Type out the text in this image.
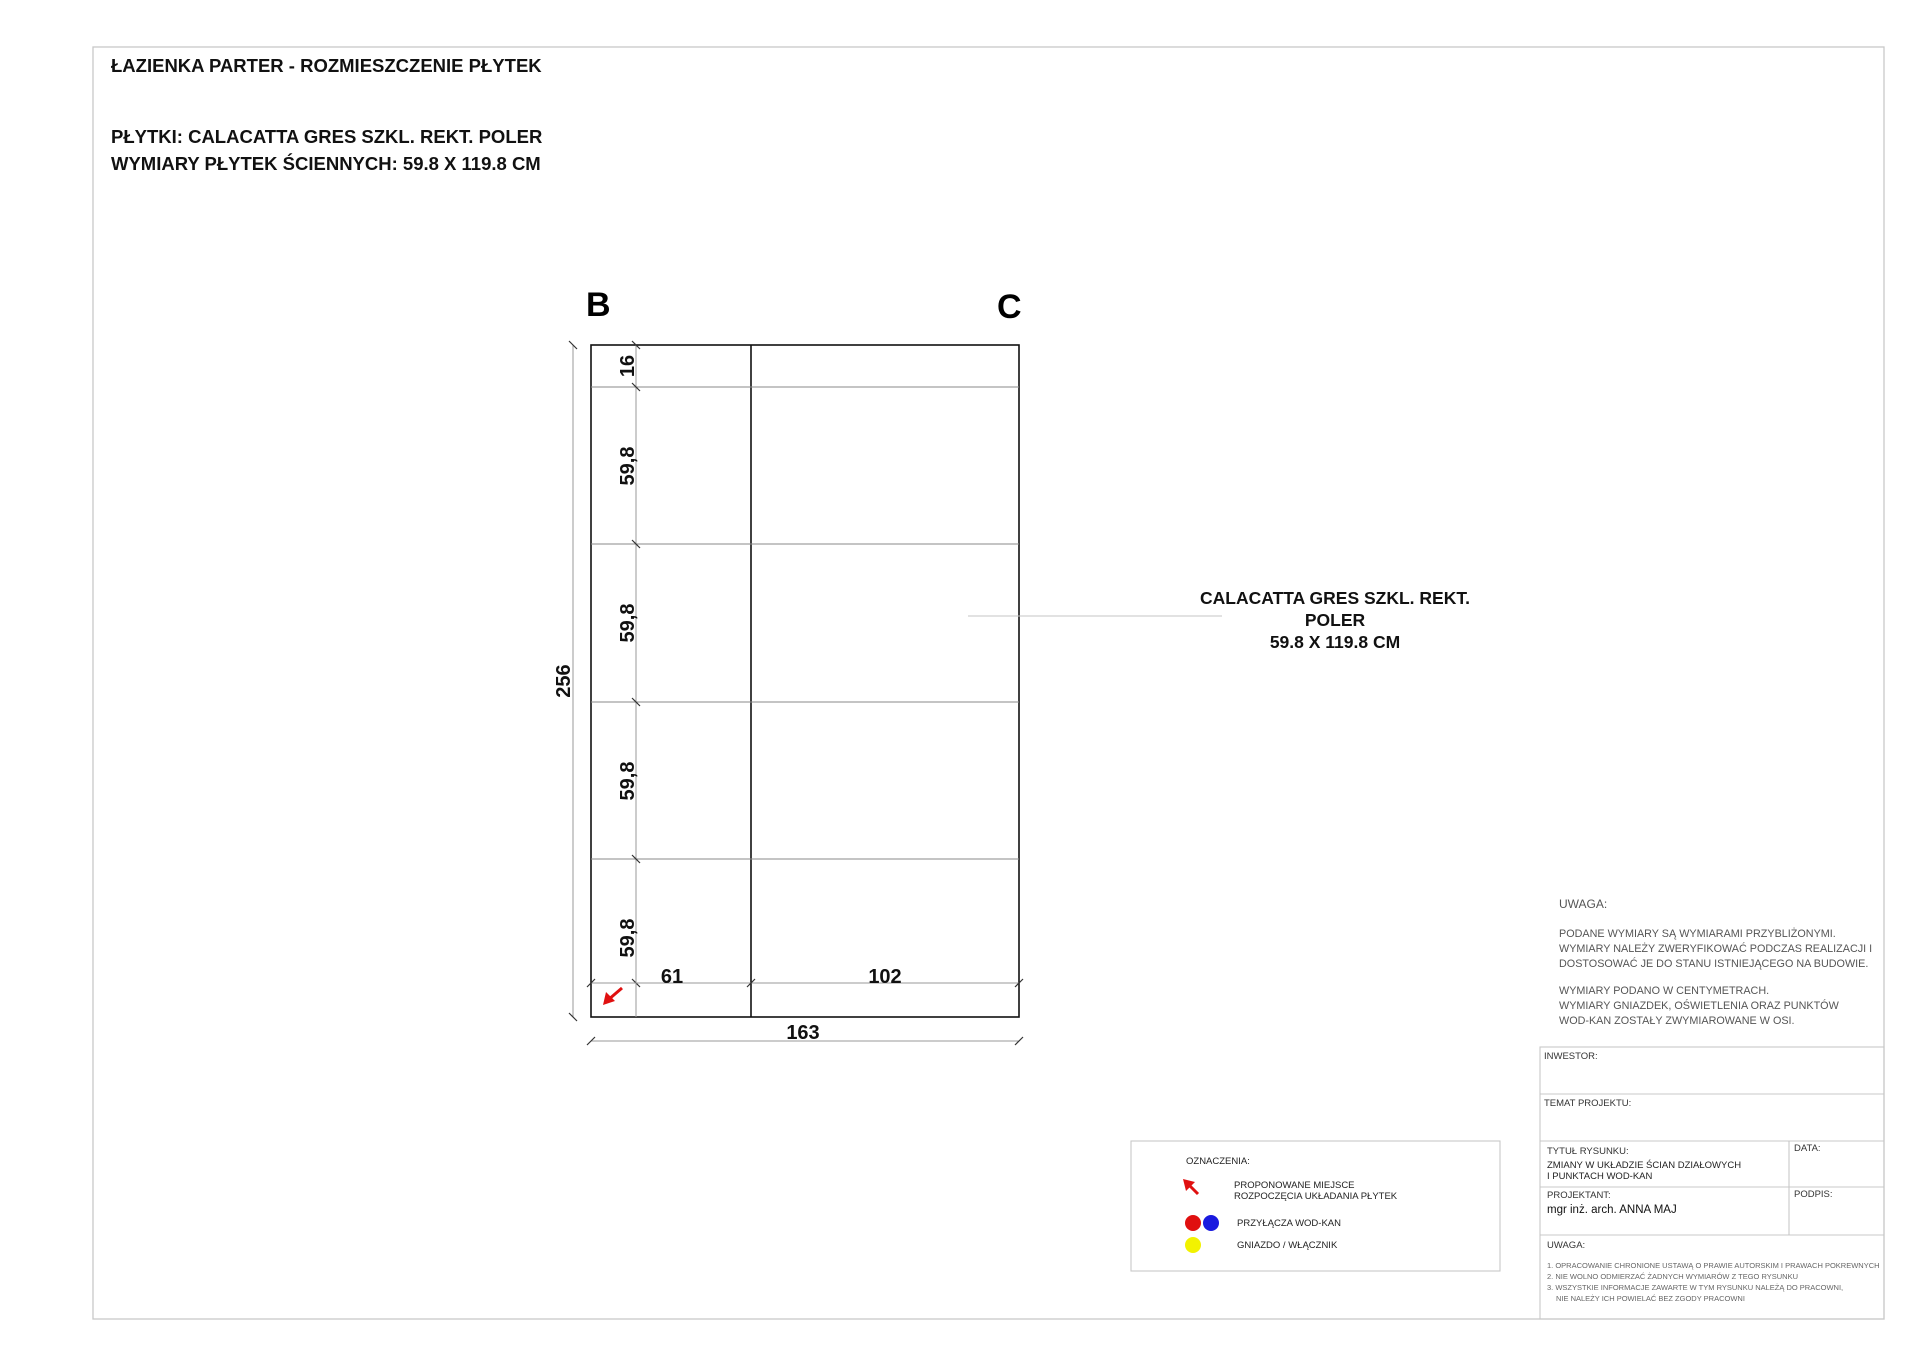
ŁAZIENKA PARTER - ROZMIESZCZENIE PŁYTEK
PŁYTKI: CALACATTA GRES SZKL. REKT. POLER
WYMIARY PŁYTEK ŚCIENNYCH: 59.8 X 119.8 CM
B	C
16
59,8
59,8
59,8
59,8
256
61	102
163
CALACATTA GRES SZKL. REKT.
POLER
59.8 X 119.8 CM
UWAGA:
PODANE WYMIARY SĄ WYMIARAMI PRZYBLIŻONYMI.
WYMIARY NALEŻY ZWERYFIKOWAĆ PODCZAS REALIZACJI I
DOSTOSOWAĆ JE DO STANU ISTNIEJĄCEGO NA BUDOWIE.
WYMIARY PODANO W CENTYMETRACH.
WYMIARY GNIAZDEK, OŚWIETLENIA ORAZ PUNKTÓW
WOD-KAN ZOSTAŁY ZWYMIAROWANE W OSI.
OZNACZENIA:
PROPONOWANE MIEJSCE
ROZPOCZĘCIA UKŁADANIA PŁYTEK
PRZYŁĄCZA WOD-KAN
GNIAZDO / WŁĄCZNIK
INWESTOR:
TEMAT PROJEKTU:
TYTUŁ RYSUNKU:
ZMIANY W UKŁADZIE ŚCIAN DZIAŁOWYCH
I PUNKTACH WOD-KAN
DATA:
PROJEKTANT:
mgr inż. arch. ANNA MAJ
PODPIS:
UWAGA:
1. OPRACOWANIE CHRONIONE USTAWĄ O PRAWIE AUTORSKIM I PRAWACH POKREWNYCH
2. NIE WOLNO ODMIERZAĆ ŻADNYCH WYMIARÓW Z TEGO RYSUNKU
3. WSZYSTKIE INFORMACJE ZAWARTE W TYM RYSUNKU NALEŻĄ DO PRACOWNI,
NIE NALEŻY ICH POWIELAĆ BEZ ZGODY PRACOWNI
